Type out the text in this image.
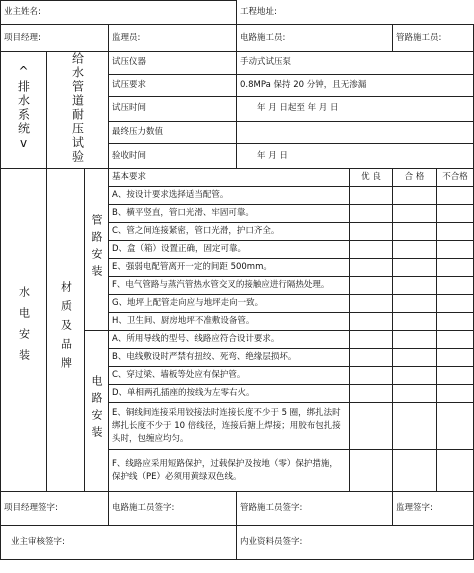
业主姓名:				工程地址:			
项目经理:			监理员:	电路施工员:		管路施工员:	
^排水系统v	给水管道耐压试验		试压仪器	手动式试压泵			
			试压要求	0.8MPa 保持 20 分钟，且无渗漏			
			试压时间	年 月 日起至 年 月 日			
			最终压力数值				
			验收时间	年 月 日			
水电安装	材质及品牌	管路安装	基本要求		优 良	合 格	不合格
			A、按设计要求选择适当配管。				
			B、横平竖直，管口光滑、牢固可靠。				
			C、管之间连接紧密，管口光滑，护口齐全。				
			D、盒（箱）设置正确，固定可靠。				
			E、强弱电配管离开一定的间距 500mm。				
			F、电气管路与蒸汽管热水管交叉的接触应进行隔热处理。				
			G、地坪上配管走向应与地坪走向一致。				
			H、卫生间、厨房地坪不准敷设备管。				
		电路安装	A、所用导线的型号、线路应符合设计要求。				
			B、电线敷设时严禁有扭绞、死弯、绝缘层损坏。				
			C、穿过梁、墙板等处应有保护管。				
			D、单相两孔插座的按线为左零右火。				
			E、铜线间连接采用铰接法时连接长度不少于 5 圈，绑扎法时绑扎长度不少于 10 倍线径，连接后搪上焊接；用胶布包扎接头时，包缠应均匀。				
			F、线路应采用短路保护，过载保护及按地（零）保护措施，保护线（PE）必须用黄绿双色线。				
项目经理签字:			电路施工员签字:	管路施工员签字:		监理签字:	
业主审核签字:				内业资料员签字:			
